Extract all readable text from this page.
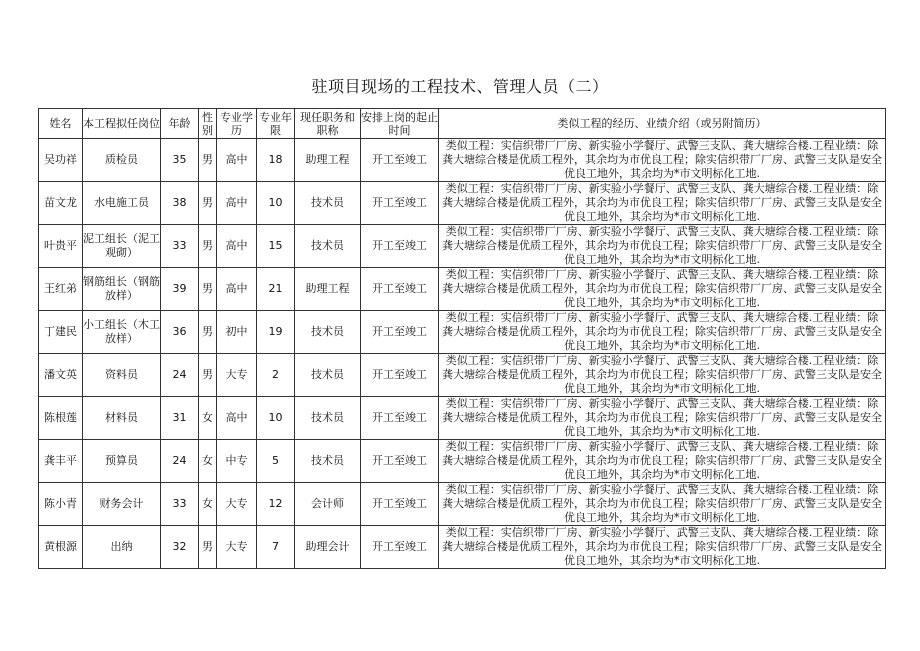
驻项目现场的工程技术、管理人员（二）
姓名	本工程拟任岗位	年龄	性别	专业学历	专业年限	现任职务和职称	安排上岗的起止时间	类似工程的经历、业绩介绍（或另附简历）
吴功祥	质检员	35	男	高中	18	助理工程	开工至竣工	类似工程：实信织带厂厂房、新实验小学餐厅、武警三支队、龚大塘综合楼.工程业绩：除
龚大塘综合楼是优质工程外，其余均为市优良工程；除实信织带厂厂房、武警三支队是安全
优良工地外，其余均为*市文明标化工地.

苗文龙	水电施工员	38	男	高中	10	技术员	开工至竣工	类似工程：实信织带厂厂房、新实验小学餐厅、武警三支队、龚大塘综合楼.工程业绩：除
龚大塘综合楼是优质工程外，其余均为市优良工程；除实信织带厂厂房、武警三支队是安全
优良工地外，其余均为*市文明标化工地.

叶贵平	泥工组长（泥工观砌）	33	男	高中	15	技术员	开工至竣工	类似工程：实信织带厂厂房、新实验小学餐厅、武警三支队、龚大塘综合楼.工程业绩：除
龚大塘综合楼是优质工程外，其余均为市优良工程；除实信织带厂厂房、武警三支队是安全
优良工地外，其余均为*市文明标化工地.

王红弟	钢筋组长（钢筋放样）	39	男	高中	21	助理工程	开工至竣工	类似工程：实信织带厂厂房、新实验小学餐厅、武警三支队、龚大塘综合楼.工程业绩：除
龚大塘综合楼是优质工程外，其余均为市优良工程；除实信织带厂厂房、武警三支队是安全
优良工地外，其余均为*市文明标化工地.

丁建民	小工组长（木工放样）	36	男	初中	19	技术员	开工至竣工	类似工程：实信织带厂厂房、新实验小学餐厅、武警三支队、龚大塘综合楼.工程业绩：除
龚大塘综合楼是优质工程外，其余均为市优良工程；除实信织带厂厂房、武警三支队是安全
优良工地外，其余均为*市文明标化工地.

潘文英	资料员	24	男	大专	2	技术员	开工至竣工	类似工程：实信织带厂厂房、新实验小学餐厅、武警三支队、龚大塘综合楼.工程业绩：除
龚大塘综合楼是优质工程外，其余均为市优良工程；除实信织带厂厂房、武警三支队是安全
优良工地外，其余均为*市文明标化工地.

陈根莲	材料员	31	女	高中	10	技术员	开工至竣工	类似工程：实信织带厂厂房、新实验小学餐厅、武警三支队、龚大塘综合楼.工程业绩：除
龚大塘综合楼是优质工程外，其余均为市优良工程；除实信织带厂厂房、武警三支队是安全
优良工地外，其余均为*市文明标化工地.

龚丰平	预算员	24	女	中专	5	技术员	开工至竣工	类似工程：实信织带厂厂房、新实验小学餐厅、武警三支队、龚大塘综合楼.工程业绩：除
龚大塘综合楼是优质工程外，其余均为市优良工程；除实信织带厂厂房、武警三支队是安全
优良工地外，其余均为*市文明标化工地.

陈小青	财务会计	33	女	大专	12	会计师	开工至竣工	类似工程：实信织带厂厂房、新实验小学餐厅、武警三支队、龚大塘综合楼.工程业绩：除
龚大塘综合楼是优质工程外，其余均为市优良工程；除实信织带厂厂房、武警三支队是安全
优良工地外，其余均为*市文明标化工地.

黄根源	出纳	32	男	大专	7	助理会计	开工至竣工	类似工程：实信织带厂厂房、新实验小学餐厅、武警三支队、龚大塘综合楼.工程业绩：除
龚大塘综合楼是优质工程外，其余均为市优良工程；除实信织带厂厂房、武警三支队是安全
优良工地外，其余均为*市文明标化工地.
